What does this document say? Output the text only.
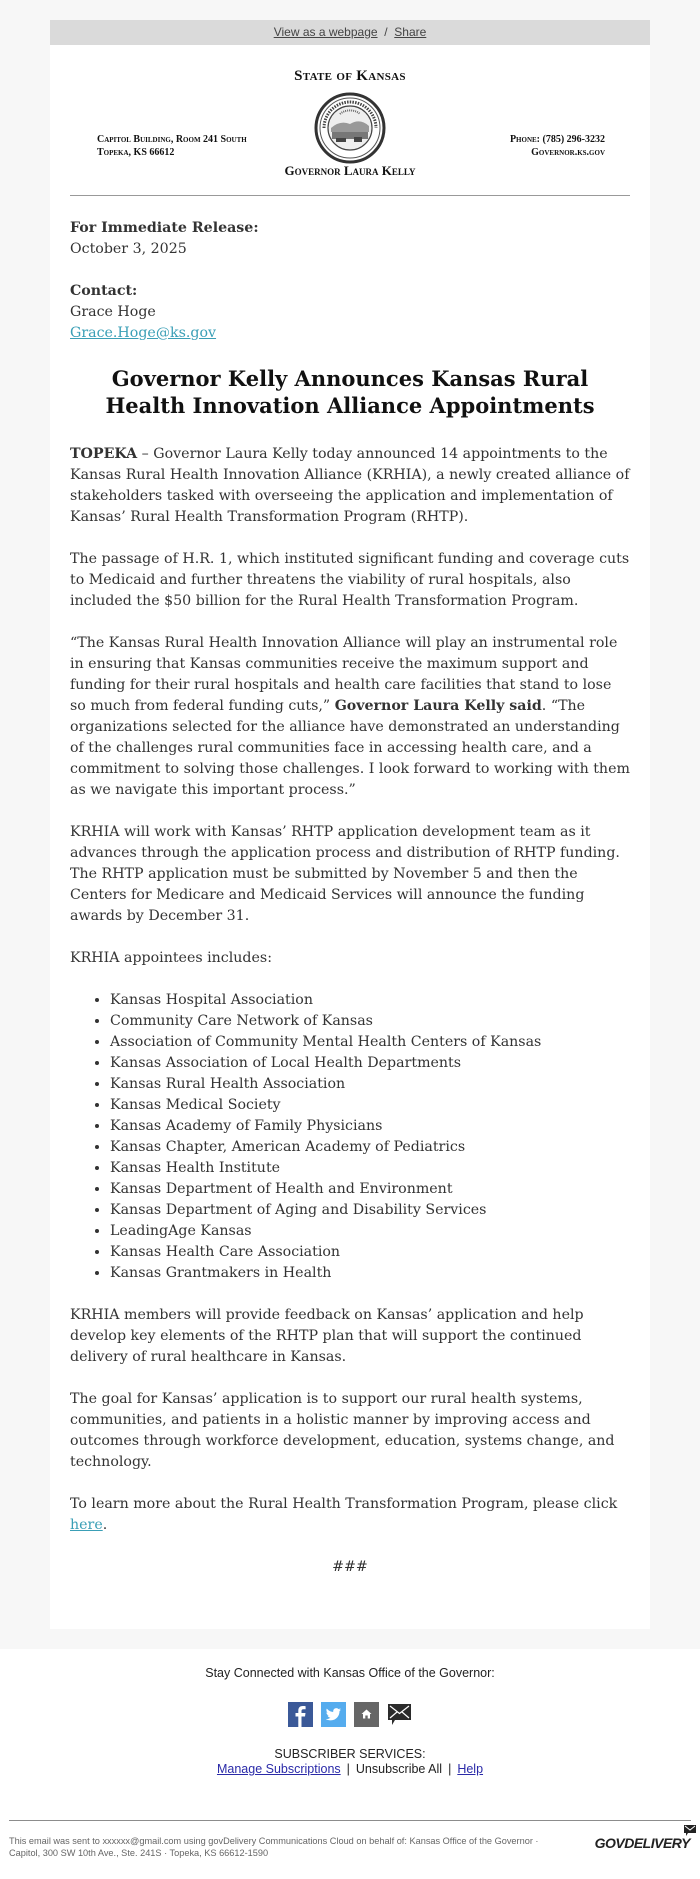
View as a webpage / Share
State of Kansas
Capitol Building, Room 241 South
Topeka, KS 66612
Phone: (785) 296-3232
Governor.ks.gov
Governor Laura Kelly

For Immediate Release:
October 3, 2025

Contact:
Grace Hoge
Grace.Hoge@ks.gov

Governor Kelly Announces Kansas Rural Health Innovation Alliance Appointments

TOPEKA – Governor Laura Kelly today announced 14 appointments to the Kansas Rural Health Innovation Alliance (KRHIA), a newly created alliance of stakeholders tasked with overseeing the application and implementation of Kansas’ Rural Health Transformation Program (RHTP).

The passage of H.R. 1, which instituted significant funding and coverage cuts to Medicaid and further threatens the viability of rural hospitals, also included the $50 billion for the Rural Health Transformation Program.

“The Kansas Rural Health Innovation Alliance will play an instrumental role in ensuring that Kansas communities receive the maximum support and funding for their rural hospitals and health care facilities that stand to lose so much from federal funding cuts,” Governor Laura Kelly said. “The organizations selected for the alliance have demonstrated an understanding of the challenges rural communities face in accessing health care, and a commitment to solving those challenges. I look forward to working with them as we navigate this important process.”

KRHIA will work with Kansas’ RHTP application development team as it advances through the application process and distribution of RHTP funding. The RHTP application must be submitted by November 5 and then the Centers for Medicare and Medicaid Services will announce the funding awards by December 31.

KRHIA appointees includes:

• Kansas Hospital Association
• Community Care Network of Kansas
• Association of Community Mental Health Centers of Kansas
• Kansas Association of Local Health Departments
• Kansas Rural Health Association
• Kansas Medical Society
• Kansas Academy of Family Physicians
• Kansas Chapter, American Academy of Pediatrics
• Kansas Health Institute
• Kansas Department of Health and Environment
• Kansas Department of Aging and Disability Services
• LeadingAge Kansas
• Kansas Health Care Association
• Kansas Grantmakers in Health

KRHIA members will provide feedback on Kansas’ application and help develop key elements of the RHTP plan that will support the continued delivery of rural healthcare in Kansas.

The goal for Kansas’ application is to support our rural health systems, communities, and patients in a holistic manner by improving access and outcomes through workforce development, education, systems change, and technology.

To learn more about the Rural Health Transformation Program, please click here.

###

Stay Connected with Kansas Office of the Governor:
SUBSCRIBER SERVICES:
Manage Subscriptions | Unsubscribe All | Help
This email was sent to xxxxxx@gmail.com using govDelivery Communications Cloud on behalf of: Kansas Office of the Governor ·
Capitol, 300 SW 10th Ave., Ste. 241S · Topeka, KS 66612-1590
GOVDELIVERY
